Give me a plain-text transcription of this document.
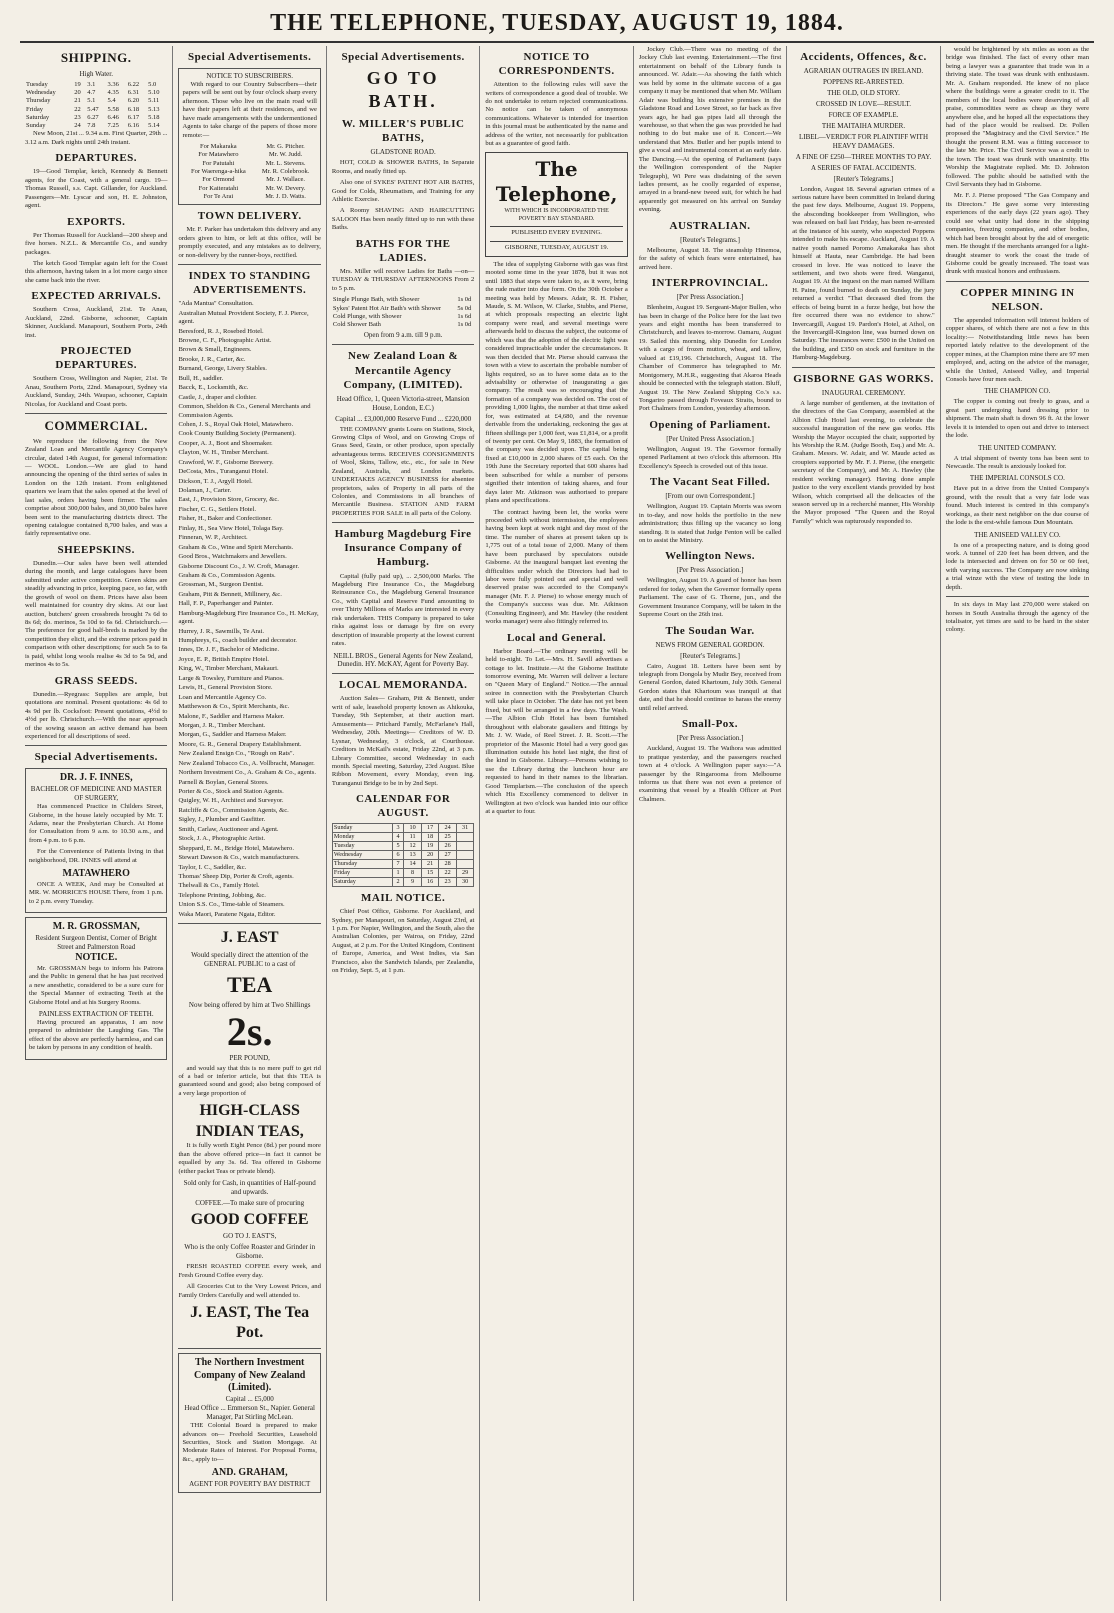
THE TELEPHONE, TUESDAY, AUGUST 19, 1884.
SHIPPING.
High Water.
Tuesday	19	3.1	3.36	6.22	5.0
Wednesday	20	4.7	4.35	6.31	5.10
Thursday	21	5.1	5.4	6.20	5.11
Friday	22	5.47	5.58	6.18	5.13
Saturday	23	6.27	6.46	6.17	5.18
Sunday	24	7.8	7.25	6.16	5.14

New Moon, 21st ... 9.34 a.m. First Quarter, 29th ... 3.12 a.m. Dark nights until 24th instant.

DEPARTURES.

19—Good Templar, ketch, Kennedy & Bennett agents, for the Coast, with a general cargo. 19—Thomas Russell, s.s. Capt. Gillander, for Auckland. Passengers—Mr. Lyscar and son, H. E. Johnston, agent.

EXPORTS.

Per Thomas Russell for Auckland—200 sheep and five horses. N.Z.L. & Mercantile Co., and sundry packages.

The ketch Good Templar again left for the Coast this afternoon, having taken in a lot more cargo since she came back into the river.

EXPECTED ARRIVALS.

Southern Cross, Auckland, 21st. Te Anau, Auckland, 22nd. Gisborne, schooner, Captain Skinner, Auckland. Manapouri, Southern Ports, 24th inst.

PROJECTED DEPARTURES.

Southern Cross, Wellington and Napier, 21st. Te Anau, Southern Ports, 22nd. Manapouri, Sydney via Auckland, Sunday, 24th. Waupao, schooner, Captain Nicolas, for Auckland and Coast ports.

COMMERCIAL.

We reproduce the following from the New Zealand Loan and Mercantile Agency Company's circular, dated 14th August, for general information:— WOOL. London.—We are glad to hand announcing the opening of the third series of sales in London on the 12th instant. From enlightened quarters we learn that the sales opened at the level of last sales, orders having been firmer. The sales comprise about 300,000 bales, and 30,000 bales have been sent to the manufacturing districts direct. The opening catalogue contained 8,700 bales, and was a fairly representative one.

SHEEPSKINS.

Dunedin.—Our sales have been well attended during the month, and large catalogues have been submitted under active competition. Green skins are steadily advancing in price, keeping pace, so far, with the growth of wool on them. Prices have also been well maintained for country dry skins. At our last auction, butchers' green crossbreds brought 7s 6d to 8s 6d; do. merinos, 5s 10d to 6s 6d. Christchurch.—The preference for good half-breds is marked by the competition they elicit, and the extreme prices paid in comparison with other descriptions; for such 5s to 6s is paid, whilst long wools realise 4s 3d to 5s 9d, and merinos 4s to 5s.

GRASS SEEDS.

Dunedin.—Ryegrass: Supplies are ample, but quotations are nominal. Present quotations: 4s 6d to 4s 9d per lb. Cocksfoot: Present quotations, 4½d to 4½d per lb. Christchurch.—With the near approach of the sowing season an active demand has been experienced for all descriptions of seed.

Special Advertisements.
DR. J. F. INNES,
BACHELOR OF MEDICINE AND MASTER OF SURGERY,

Has commenced Practice in Childers Street, Gisborne, in the house lately occupied by Mr. T. Adams, near the Presbyterian Church. At Home for Consultation from 9 a.m. to 10.30 a.m., and from 4 p.m. to 6 p.m.

For the Convenience of Patients living in that neighborhood, DR. INNES will attend at

MATAWHERO

ONCE A WEEK, And may be Consulted at MR. W. MORRICE'S HOUSE There, from 1 p.m. to 2 p.m. every Tuesday.

M. R. GROSSMAN,
Resident Surgeon Dentist, Corner of Bright Street and Palmerston Road
NOTICE.

Mr. GROSSMAN begs to inform his Patrons and the Public in general that he has just received a new anesthetic, considered to be a sure cure for the Special Manner of extracting Teeth at the Gisborne Hotel and at his Surgery Rooms.

PAINLESS EXTRACTION OF TEETH.

Having procured an apparatus, I am now prepared to administer the Laughing Gas. The effect of the above are perfectly harmless, and can be taken by persons in any condition of health.

Special Advertisements.
NOTICE TO SUBSCRIBERS.

With regard to our Country Subscribers—their papers will be sent out by four o'clock sharp every afternoon. Those who live on the main road will have their papers left at their residences, and we have made arrangements with the undermentioned Agents to take charge of the papers of those more remote:—

For Makaraka	Mr. G. Pitcher.
For Matawhero	Mr. W. Judd.
For Patutahi	Mr. L. Stevens.
For Waerenga-a-hika	Mr. R. Colebrook.
For Ormond	Mr. J. Wallace.
For Kaiteratahi	Mr. W. Devery.
For Te Arai	Mr. J. D. Watts.
TOWN DELIVERY.

Mr. F. Parker has undertaken this delivery and any orders given to him, or left at this office, will be promptly executed, and any mistakes as to delivery, or non-delivery by the runner-boys, rectified.

INDEX TO STANDING ADVERTISEMENTS.
"Ada Mantua" Consultation.
Australian Mutual Provident Society, F. J. Pierce, agent.
Beresford, R. J., Rosebed Hotel.
Browne, C. F., Photographic Artist.
Brown & Small, Engineers.
Brooke, J. R., Carter, &c.
Burnand, George, Livery Stables.
Bull, H., saddler.
Bacck, E., Locksmith, &c.
Castle, J., draper and clothier.
Common, Sheldon & Co., General Merchants and Commission Agents.
Cohen, J. S., Royal Oak Hotel, Matawhero.
Cook County Building Society (Permanent).
Cooper, A. J., Boot and Shoemaker.
Clayton, W. H., Timber Merchant.
Crawford, W. F., Gisborne Brewery.
DeCosta, Mrs., Turanganui Hotel.
Dickson, T. J., Argyll Hotel.
Dolaman, J., Carter.
East, J., Provision Store, Grocery, &c.
Fischer, C. G., Settlers Hotel.
Fisher, H., Baker and Confectioner.
Finlay, H., Sea View Hotel, Tolaga Bay.
Finneran, W. P., Architect.
Graham & Co., Wine and Spirit Merchants.
Good Bros., Watchmakers and Jewellers.
Gisborne Discount Co., J. W. Croft, Manager.
Graham & Co., Commission Agents.
Grossman, M., Surgeon Dentist.
Graham, Pitt & Bennett, Millinery, &c.
Hall, F. P., Paperhanger and Painter.
Hamburg-Magdeburg Fire Insurance Co., H. McKay, agent.
Hurrey, J. R., Sawmills, Te Arai.
Humphreys, G., coach builder and decorator.
Innes, Dr. J. F., Bachelor of Medicine.
Joyce, E. P., British Empire Hotel.
King, W., Timber Merchant, Makauri.
Large & Towsley, Furniture and Pianos.
Lewis, H., General Provision Store.
Loan and Mercantile Agency Co.
Matthewson & Co., Spirit Merchants, &c.
Malone, F., Saddler and Harness Maker.
Morgan, J. R., Timber Merchant.
Morgan, G., Saddler and Harness Maker.
Moore, G. R., General Drapery Establishment.
New Zealand Ensign Co., "Rough on Rats".
New Zealand Tobacco Co., A. Vollbracht, Manager.
Northern Investment Co., A. Graham & Co., agents.
Parnell & Boylan, General Stores.
Porter & Co., Stock and Station Agents.
Quigley, W. H., Architect and Surveyor.
Ratcliffe & Co., Commission Agents, &c.
Sigley, J., Plumber and Gasfitter.
Smith, Carlaw, Auctioneer and Agent.
Stock, J. A., Photographic Artist.
Sheppard, E. M., Bridge Hotel, Matawhero.
Stewart Dawson & Co., watch manufacturers.
Taylor, I. C., Saddler, &c.
Thomas' Sheep Dip, Porter & Croft, agents.
Thelwall & Co., Family Hotel.
Telephone Printing, Jobbing, &c.
Union S.S. Co., Time-table of Steamers.
Waka Maori, Paratene Ngata, Editor.
J. EAST
Would specially direct the attention of the GENERAL PUBLIC to a cast of
TEA
Now being offered by him at Two Shillings
2s.
PER POUND,

and would say that this is no mere puff to get rid of a bad or inferior article, but that this TEA is guaranteed sound and good; also being composed of a very large proportion of

HIGH-CLASS INDIAN TEAS,

It is fully worth Eight Pence (8d.) per pound more than the above offered price—in fact it cannot be equalled by any 3s. 6d. Tea offered in Gisborne (either packet Teas or private blend).

Sold only for Cash, in quantities of Half-pound and upwards.
COFFEE.—To make sure of procuring
GOOD COFFEE
GO TO J. EAST'S,
Who is the only Coffee Roaster and Grinder in Gisborne.

FRESH ROASTED COFFEE every week, and Fresh Ground Coffee every day.

All Groceries Cut to the Very Lowest Prices, and Family Orders Carefully and well attended to.

J. EAST, The Tea Pot.
The Northern Investment Company of New Zealand (Limited).
Capital ... £5,000
Head Office ... Emmerson St., Napier. General Manager, Pat Stirling McLean.

THE Colonial Board is prepared to make advances on— Freehold Securities, Leasehold Securities, Stock and Station Mortgage. At Moderate Rates of Interest. For Proposal Forms, &c., apply to—

AND. GRAHAM,
AGENT FOR POVERTY BAY DISTRICT
Special Advertisements.
GO TO BATH.
W. MILLER'S PUBLIC BATHS,
GLADSTONE ROAD.

HOT, COLD & SHOWER BATHS, In Separate Rooms, and neatly fitted up.

Also one of SYKES' PATENT HOT AIR BATHS, Good for Colds, Rheumatism, and Training for any Athletic Exercise.

A Roomy SHAVING AND HAIRCUTTING SALOON Has been neatly fitted up to run with these Baths.

BATHS FOR THE LADIES.

Mrs. Miller will receive Ladies for Baths —on— TUESDAY & THURSDAY AFTERNOONS From 2 to 5 p.m.

Single Plunge Bath, with Shower	1s 0d
Sykes' Patent Hot Air Bath's with Shower	5s 0d
Cold Plunge, with Shower	1s 6d
Cold Shower Bath	1s 0d
Open from 9 a.m. till 9 p.m.
New Zealand Loan & Mercantile Agency Company, (LIMITED).
Head Office, 1, Queen Victoria-street, Mansion House, London, E.C.)
Capital ... £3,000,000 Reserve Fund ... £220,000

THE COMPANY grants Loans on Stations, Stock, Growing Clips of Wool, and on Growing Crops of Grass Seed, Grain, or other produce, upon specially advantageous terms. RECEIVES CONSIGNMENTS of Wool, Skins, Tallow, etc., etc., for sale in New Zealand, Australia, and London markets. UNDERTAKES AGENCY BUSINESS for absentee proprietors, sales of Property in all parts of the Colonies, and Commissions in all branches of Mercantile Business. STATION AND FARM PROPERTIES FOR SALE in all parts of the Colony.

Hamburg Magdeburg Fire Insurance Company of Hamburg.

Capital (fully paid up), ... 2,500,000 Marks. The Magdeburg Fire Insurance Co., the Magdeburg Reinsurance Co., the Magdeburg General Insurance Co., with Capital and Reserve Fund amounting to over Thirty Millions of Marks are interested in every risk undertaken. THIS Company is prepared to take risks against loss or damage by fire on every description of insurable property at the lowest current rates.

NEILL BROS., General Agents for New Zealand, Dunedin. HY. McKAY, Agent for Poverty Bay.
LOCAL MEMORANDA.

Auction Sales— Graham, Pitt & Bennett, under writ of sale, leasehold property known as Ahikouka, Tuesday, 9th September, at their auction mart. Amusements— Pritchard Family, McFarlane's Hall, Wednesday, 20th. Meetings— Creditors of W. D. Lysnar, Wednesday, 3 o'clock, at Courthouse. Creditors in McKail's estate, Friday 22nd, at 3 p.m. Library Committee, second Wednesday in each month. Special meeting, Saturday, 23rd August. Blue Ribbon Movement, every Monday, even ing. Turanganui Bridge to be in by 2nd Sept.

CALENDAR FOR AUGUST.
Sunday	3	10	17	24	31
Monday	4	11	18	25	
Tuesday	5	12	19	26	
Wednesday	6	13	20	27	
Thursday	7	14	21	28	
Friday	1	8	15	22	29
Saturday	2	9	16	23	30
MAIL NOTICE.

Chief Post Office, Gisborne. For Auckland, and Sydney, per Manapouri, on Saturday, August 23rd, at 1 p.m. For Napier, Wellington, and the South, also the Australian Colonies, per Wairoa, on Friday, 22nd August, at 2 p.m. For the United Kingdom, Continent of Europe, America, and West Indies, via San Francisco, also the Sandwich Islands, per Zealandia, on Friday, Sept. 5, at 1 p.m.

NOTICE TO CORRESPONDENTS.

Attention to the following rules will save the writers of correspondence a good deal of trouble. We do not undertake to return rejected communications. No notice can be taken of anonymous communications. Whatever is intended for insertion in this journal must be authenticated by the name and address of the writer, not necessarily for publication but as a guarantee of good faith.

The Telephone,
WITH WHICH IS INCORPORATED THE POVERTY BAY STANDARD.
PUBLISHED EVERY EVENING.
GISBORNE, TUESDAY, AUGUST 19.

The idea of supplying Gisborne with gas was first mooted some time in the year 1878, but it was not until 1883 that steps were taken to, as it were, bring the rude matter into due form. On the 30th October a meeting was held by Messrs. Adair, R. H. Fisher, Maude, S. M. Wilson, W. Clarke, Stubbs, and Pierse, at which proposals respecting an electric light company were read, and several meetings were afterwards held to discuss the subject, the outcome of which was that the adoption of the electric light was considered impracticable under the circumstances. It was then decided that Mr. Pierse should canvass the town with a view to ascertain the probable number of lights required, so as to have some data as to the advisability or otherwise of inaugurating a gas company. The result was so encouraging that the formation of a company was decided on. The cost of providing 1,000 lights, the number at that time asked for, was estimated at £4,680, and the revenue derivable from the undertaking, reckoning the gas at fifteen shillings per 1,000 feet, was £1,814, or a profit of twenty per cent. On May 9, 1883, the formation of the company was decided upon. The capital being fixed at £10,000 in 2,000 shares of £5 each. On the 19th June the Secretary reported that 600 shares had been subscribed for while a number of persons signified their intention of taking shares, and four days later Mr. Atkinson was authorised to prepare plans and specifications.

The contract having been let, the works were proceeded with without intermission, the employees having been kept at work night and day most of the time. The number of shares at present taken up is 1,775 out of a total issue of 2,000. Many of them have been purchased by speculators outside Gisborne. At the inaugural banquet last evening the difficulties under which the Directors had had to labor were fully pointed out and special and well deserved praise was accorded to the Company's manager (Mr. F. J. Pierse) to whose energy much of the Company's success was due. Mr. Atkinson (Consulting Engineer), and Mr. Hawley (the resident works manager) were also fittingly referred to.

Local and General.

Harbor Board.—The ordinary meeting will be held to-night. To Let.—Mrs. H. Savill advertises a cottage to let. Institute.—At the Gisborne Institute tomorrow evening, Mr. Warren will deliver a lecture on "Queen Mary of England." Notice.—The annual soiree in connection with the Presbyterian Church will take place in October. The date has not yet been fixed, but will be arranged in a few days. The Wash.—The Albion Club Hotel has been furnished throughout with elaborate gasaliers and fittings by Mr. J. W. Wade, of Reel Street. J. R. Scott.—The proprietor of the Masonic Hotel had a very good gas illumination outside his hotel last night, the first of the kind in Gisborne. Library.—Persons wishing to use the Library during the luncheon hour are requested to hand in their names to the librarian. Good Templarism.—The conclusion of the speech which His Excellency commenced to deliver in Wellington at two o'clock was handed into our office at a quarter to four.

Jockey Club.—There was no meeting of the Jockey Club last evening. Entertainment.—The first entertainment on behalf of the Library funds is announced. W. Adair.—As showing the faith which was held by some in the ultimate success of a gas company it may be mentioned that when Mr. William Adair was building his extensive premises in the Gladstone Road and Lowe Street, so far back as five years ago, he had gas pipes laid all through the warehouse, so that when the gas was provided he had nothing to do but make use of it. Concert.—We understand that Mrs. Butler and her pupils intend to give a vocal and instrumental concert at an early date. The Dancing.—At the opening of Parliament (says the Wellington correspondent of the Napier Telegraph), Wi Pere was disdaining of the seven ladies present, as he coolly regarded of expense, arrayed in a brand-new tweed suit, for which he had apparently got measured on his arrival on Sunday evening.

AUSTRALIAN.
[Reuter's Telegrams.]

Melbourne, August 18. The steamship Hinemoa, for the safety of which fears were entertained, has arrived here.

INTERPROVINCIAL.
[Per Press Association.]

Blenheim, August 19. Sergeant-Major Bullen, who has been in charge of the Police here for the last two years and eight months has been transferred to Christchurch, and leaves to-morrow. Oamaru, August 19. Sailed this morning, ship Dunedin for London with a cargo of frozen mutton, wheat, and tallow, valued at £19,196. Christchurch, August 18. The Chamber of Commerce has telegraphed to Mr. Montgomery, M.H.R., suggesting that Akaroa Heads should be connected with the telegraph station. Bluff, August 19. The New Zealand Shipping Co.'s s.s. Tongariro passed through Foveaux Straits, bound to Port Chalmers from London, yesterday afternoon.

Opening of Parliament.
[Per United Press Association.]

Wellington, August 19. The Governor formally opened Parliament at two o'clock this afternoon. His Excellency's Speech is crowded out of this issue.

The Vacant Seat Filled.
[From our own Correspondent.]

Wellington, August 19. Captain Morris was sworn in to-day, and now holds the portfolio in the new administration; thus filling up the vacancy so long standing. It is stated that Judge Fenton will be called on to assist the Ministry.

Wellington News.
[Per Press Association.]

Wellington, August 19. A guard of honor has been ordered for today, when the Governor formally opens Parliament. The case of G. Thorne, jun., and the Government Insurance Company, will be taken in the Supreme Court on the 26th inst.

The Soudan War.
NEWS FROM GENERAL GORDON.
[Reuter's Telegrams.]

Cairo, August 18. Letters have been sent by telegraph from Dongola by Mudir Bey, received from General Gordon, dated Khartoum, July 30th. General Gordon states that Khartoum was tranquil at that date, and that he should continue to harass the enemy until relief arrived.

Small-Pox.
[Per Press Association.]

Auckland, August 19. The Waihora was admitted to pratique yesterday, and the passengers reached town at 4 o'clock. A Wellington paper says:—"A passenger by the Ringarooma from Melbourne informs us that there was not even a pretence of examining that vessel by a Health Officer at Port Chalmers.

Accidents, Offences, &c.
AGRARIAN OUTRAGES IN IRELAND.
POPPENS RE-ARRESTED.
THE OLD, OLD STORY.
CROSSED IN LOVE—RESULT.
FORCE OF EXAMPLE.
THE MAITAIHA MURDER.
LIBEL—VERDICT FOR PLAINTIFF WITH HEAVY DAMAGES.
A FINE OF £250—THREE MONTHS TO PAY.
A SERIES OF FATAL ACCIDENTS.
[Reuter's Telegrams.]

London, August 18. Several agrarian crimes of a serious nature have been committed in Ireland during the past few days. Melbourne, August 19. Poppens, the absconding bookkeeper from Wellington, who was released on bail last Friday, has been re-arrested at the instance of his surety, who suspected Poppens intended to make his escape. Auckland, August 19. A native youth named Poromo Amakaraka has shot himself at Hauta, near Cambridge. He had been crossed in love. He was noticed to leave the settlement, and two shots were fired. Wanganui, August 19. At the inquest on the man named William H. Paine, found burned to death on Sunday, the jury returned a verdict "That deceased died from the effects of being burnt in a furze hedge, but how the fire occurred there was no evidence to show." Invercargill, August 19. Pardon's Hotel, at Athol, on the Invercargill-Kingston line, was burned down on Saturday. The insurances were: £500 in the United on the building, and £350 on stock and furniture in the Hamburg-Magdeburg.

GISBORNE GAS WORKS.
INAUGURAL CEREMONY.

A large number of gentlemen, at the invitation of the directors of the Gas Company, assembled at the Albion Club Hotel last evening, to celebrate the successful inauguration of the new gas works. His Worship the Mayor occupied the chair, supported by his Worship the R.M. (Judge Booth, Esq.) and Mr. A. Graham. Messrs. W. Adair, and W. Maude acted as croupiers supported by Mr. F. J. Pierse, (the energetic secretary of the Company), and Mr. A. Hawley (the resident working manager). Having done ample justice to the very excellent viands provided by host Wilson, which comprised all the delicacies of the season served up in a recherché manner, His Worship the Mayor proposed "The Queen and the Royal Family" which was rapturously responded to.

would be brightened by six miles as soon as the bridge was finished. The fact of every other man being a lawyer was a guarantee that trade was in a thriving state. The toast was drunk with enthusiasm. Mr. A. Graham responded. He knew of no place where the buildings were a greater credit to it. The members of the local bodies were deserving of all praise, commodities were as cheap as they were anywhere else, and he hoped all the expectations they had of the place would be realised. Dr. Pollen proposed the "Magistracy and the Civil Service." He thought the present R.M. was a fitting successor to the late Mr. Price. The Civil Service was a credit to the town. The toast was drunk with unanimity. His Worship the Magistrate replied. Mr. D. Johnston followed. The public should be satisfied with the Civil Servants they had in Gisborne.

Mr. F. J. Pierse proposed "The Gas Company and its Directors." He gave some very interesting experiences of the early days (22 years ago). They could see what unity had done in the shipping companies, freezing companies, and other bodies, which had been brought about by the aid of energetic men. He thought if the merchants arranged for a light-draught steamer to work the coast the trade of Gisborne could be greatly increased. The toast was drunk with musical honors and enthusiasm.

COPPER MINING IN NELSON.

The appended information will interest holders of copper shares, of which there are not a few in this locality:— Notwithstanding little news has been reported lately relative to the development of the copper mines, at the Champion mine there are 97 men employed, and, acting on the advice of the manager, while the United, Aniseed Valley, and Imperial Consols have four men each.

THE CHAMPION CO.

The copper is coming out freely to grass, and a great part undergoing hand dressing prior to shipment. The main shaft is down 96 ft. At the lower levels it is intended to open out and drive to intersect the lode.

THE UNITED COMPANY.

A trial shipment of twenty tons has been sent to Newcastle. The result is anxiously looked for.

THE IMPERIAL CONSOLS CO.

Have put in a drive from the United Company's ground, with the result that a very fair lode was found. Much interest is centred in this company's workings, as their next neighbor on the due course of the lode is the erst-while famous Dun Mountain.

THE ANISEED VALLEY CO.

Is one of a prospecting nature, and is doing good work. A tunnel of 220 feet has been driven, and the lode is intersected and driven on for 50 or 60 feet, with varying success. The Company are now sinking a trial winze with the view of testing the lode in depth.

In six days in May last 270,000 were staked on horses in South Australia through the agency of the totalisator, yet times are said to be hard in the sister colony.
